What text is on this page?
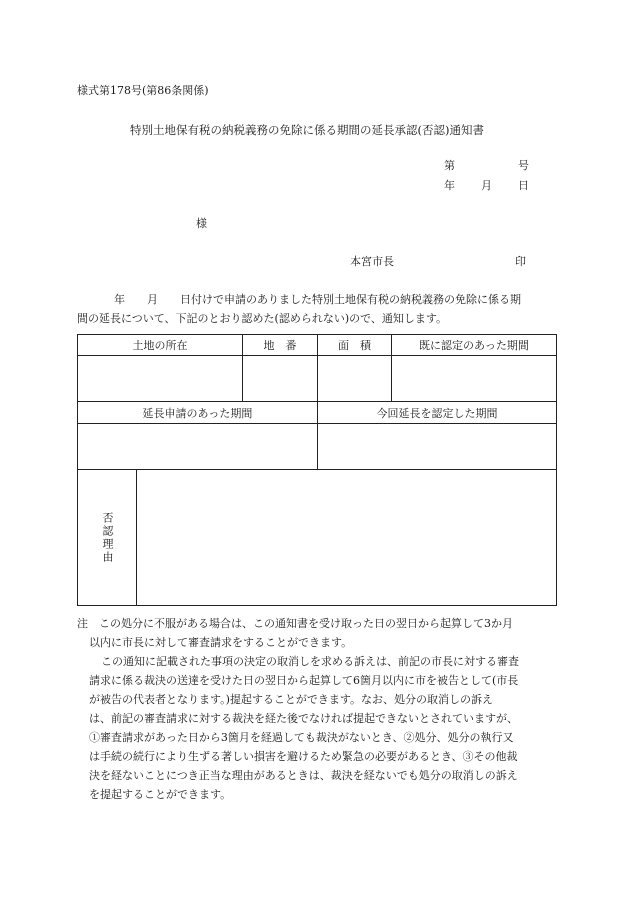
様式第178号(第86条関係)
特別土地保有税の納税義務の免除に係る期間の延長承認(否認)通知書
第	号
年 月 日
様
本宮市長	印
年 月 日付けで申請のありました特別土地保有税の納税義務の免除に係る期
間の延長について、下記のとおり認めた(認められない)ので、通知します。
土地の所在	地　番	面　積	既に認定のあった期間
延長申請のあった期間	今回延長を認定した期間
否認理由
注　この処分に不服がある場合は、この通知書を受け取った日の翌日から起算して3か月
以内に市長に対して審査請求をすることができます。
この通知に記載された事項の決定の取消しを求める訴えは、前記の市長に対する審査
請求に係る裁決の送達を受けた日の翌日から起算して6箇月以内に市を被告として(市長
が被告の代表者となります。)提起することができます。なお、処分の取消しの訴え
は、前記の審査請求に対する裁決を経た後でなければ提起できないとされていますが、
①審査請求があった日から3箇月を経過しても裁決がないとき、②処分、処分の執行又
は手続の続行により生ずる著しい損害を避けるため緊急の必要があるとき、③その他裁
決を経ないことにつき正当な理由があるときは、裁決を経ないでも処分の取消しの訴え
を提起することができます。
